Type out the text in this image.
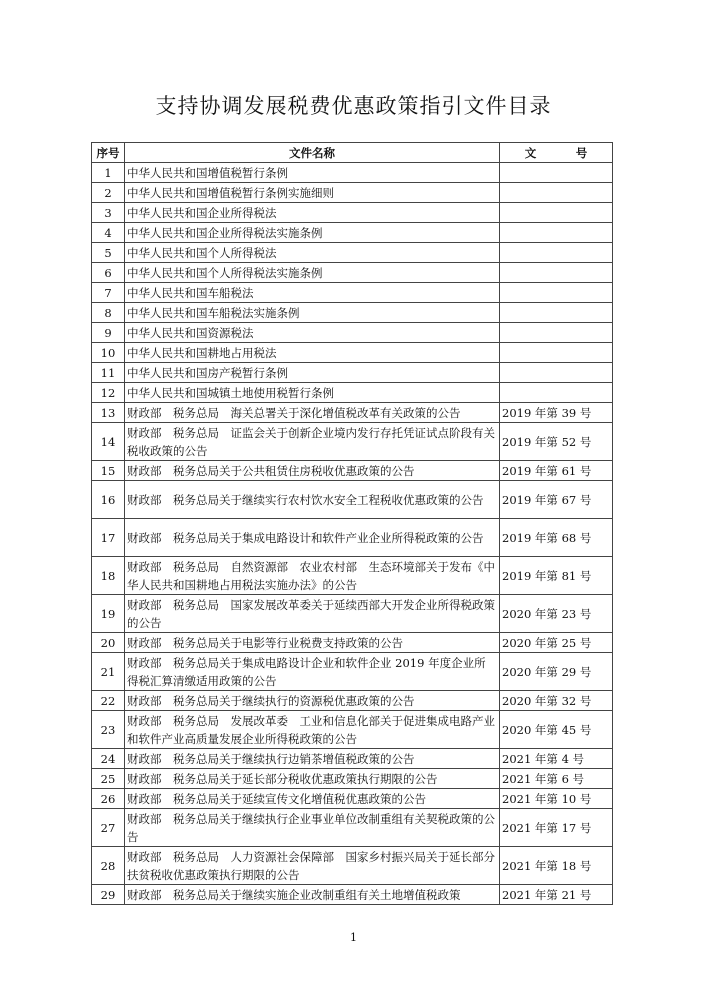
支持协调发展税费优惠政策指引文件目录
序号	文件名称	文　号
1	中华人民共和国增值税暂行条例	
2	中华人民共和国增值税暂行条例实施细则	
3	中华人民共和国企业所得税法	
4	中华人民共和国企业所得税法实施条例	
5	中华人民共和国个人所得税法	
6	中华人民共和国个人所得税法实施条例	
7	中华人民共和国车船税法	
8	中华人民共和国车船税法实施条例	
9	中华人民共和国资源税法	
10	中华人民共和国耕地占用税法	
11	中华人民共和国房产税暂行条例	
12	中华人民共和国城镇土地使用税暂行条例	
13	财政部　税务总局　海关总署关于深化增值税改革有关政策的公告	2019 年第 39 号
14	财政部　税务总局　证监会关于创新企业境内发行存托凭证试点阶段有关税收政策的公告	2019 年第 52 号
15	财政部　税务总局关于公共租赁住房税收优惠政策的公告	2019 年第 61 号
16	财政部　税务总局关于继续实行农村饮水安全工程税收优惠政策的公告	2019 年第 67 号
17	财政部　税务总局关于集成电路设计和软件产业企业所得税政策的公告	2019 年第 68 号
18	财政部　税务总局　自然资源部　农业农村部　生态环境部关于发布《中华人民共和国耕地占用税法实施办法》的公告	2019 年第 81 号
19	财政部　税务总局　国家发展改革委关于延续西部大开发企业所得税政策的公告	2020 年第 23 号
20	财政部　税务总局关于电影等行业税费支持政策的公告	2020 年第 25 号
21	财政部　税务总局关于集成电路设计企业和软件企业 2019 年度企业所得税汇算清缴适用政策的公告	2020 年第 29 号
22	财政部　税务总局关于继续执行的资源税优惠政策的公告	2020 年第 32 号
23	财政部　税务总局　发展改革委　工业和信息化部关于促进集成电路产业和软件产业高质量发展企业所得税政策的公告	2020 年第 45 号
24	财政部　税务总局关于继续执行边销茶增值税政策的公告	2021 年第 4 号
25	财政部　税务总局关于延长部分税收优惠政策执行期限的公告	2021 年第 6 号
26	财政部　税务总局关于延续宣传文化增值税优惠政策的公告	2021 年第 10 号
27	财政部　税务总局关于继续执行企业事业单位改制重组有关契税政策的公告	2021 年第 17 号
28	财政部　税务总局　人力资源社会保障部　国家乡村振兴局关于延长部分扶贫税收优惠政策执行期限的公告	2021 年第 18 号
29	财政部　税务总局关于继续实施企业改制重组有关土地增值税政策	2021 年第 21 号
1
